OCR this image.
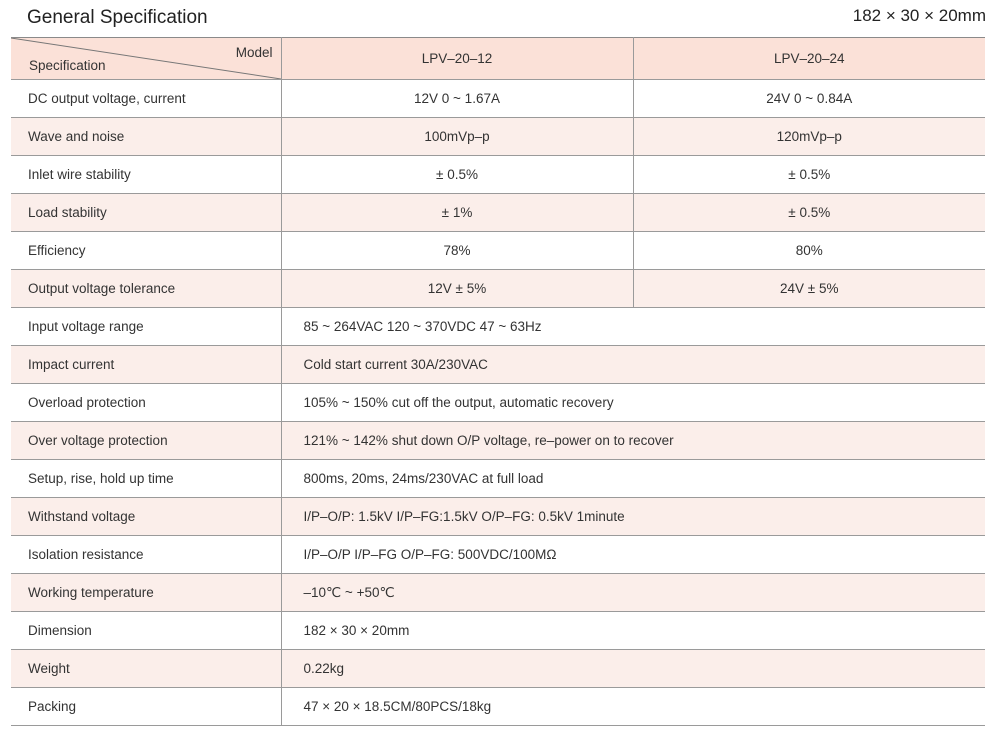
General Specification	182 × 30 × 20mm
Model
Specification	LPV–20–12	LPV–20–24
DC output voltage, current	12V 0 ~ 1.67A	24V 0 ~ 0.84A
Wave and noise	100mVp–p	120mVp–p
Inlet wire stability	± 0.5%	± 0.5%
Load stability	± 1%	± 0.5%
Efficiency	78%	80%
Output voltage tolerance	12V ± 5%	24V ± 5%
Input voltage range	85 ~ 264VAC 120 ~ 370VDC 47 ~ 63Hz	
Impact current	Cold start current 30A/230VAC	
Overload protection	105% ~ 150% cut off the output, automatic recovery	
Over voltage protection	121% ~ 142% shut down O/P voltage, re–power on to recover	
Setup, rise, hold up time	800ms, 20ms, 24ms/230VAC at full load	
Withstand voltage	I/P–O/P: 1.5kV I/P–FG:1.5kV O/P–FG: 0.5kV 1minute	
Isolation resistance	I/P–O/P I/P–FG O/P–FG: 500VDC/100MΩ	
Working temperature	–10℃ ~ +50℃	
Dimension	182 × 30 × 20mm	
Weight	0.22kg	
Packing	47 × 20 × 18.5CM/80PCS/18kg	
